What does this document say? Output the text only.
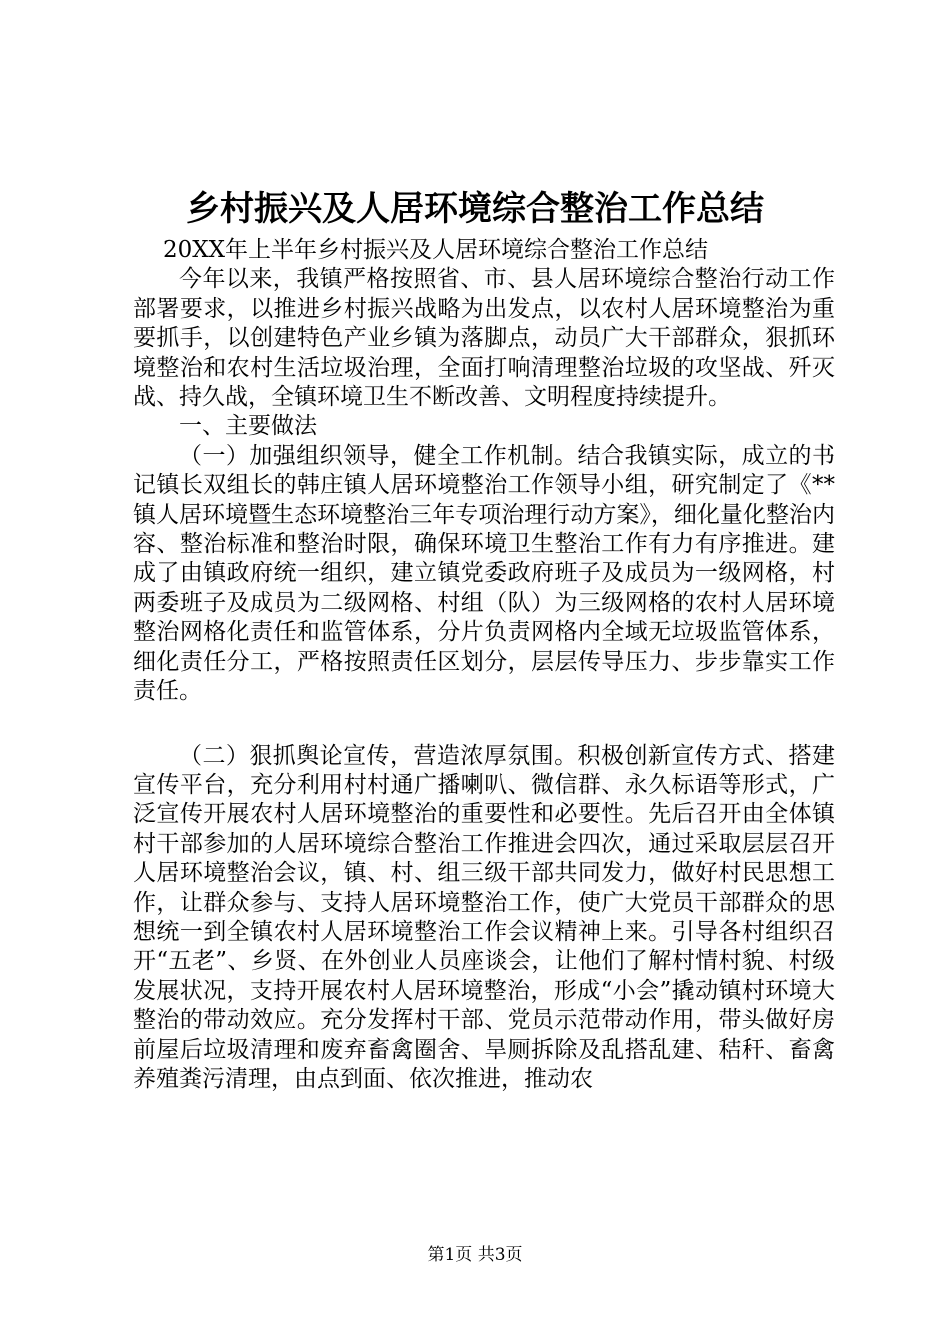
乡村振兴及人居环境综合整治工作总结

20XX年上半年乡村振兴及人居环境综合整治工作总结

今年以来，我镇严格按照省、市、县人居环境综合整治行动工作部署要求，以推进乡村振兴战略为出发点，以农村人居环境整治为重要抓手，以创建特色产业乡镇为落脚点，动员广大干部群众，狠抓环境整治和农村生活垃圾治理，全面打响清理整治垃圾的攻坚战、歼灭战、持久战，全镇环境卫生不断改善、文明程度持续提升。

一、主要做法

（一）加强组织领导，健全工作机制。结合我镇实际，成立的书记镇长双组长的韩庄镇人居环境整治工作领导小组，研究制定了《**镇人居环境暨生态环境整治三年专项治理行动方案》，细化量化整治内容、整治标准和整治时限，确保环境卫生整治工作有力有序推进。建成了由镇政府统一组织，建立镇党委政府班子及成员为一级网格，村两委班子及成员为二级网格、村组（队）为三级网格的农村人居环境整治网格化责任和监管体系，分片负责网格内全域无垃圾监管体系，细化责任分工，严格按照责任区划分，层层传导压力、步步靠实工作责任。

（二）狠抓舆论宣传，营造浓厚氛围。积极创新宣传方式、搭建宣传平台，充分利用村村通广播喇叭、微信群、永久标语等形式，广泛宣传开展农村人居环境整治的重要性和必要性。先后召开由全体镇村干部参加的人居环境综合整治工作推进会四次，通过采取层层召开人居环境整治会议，镇、村、组三级干部共同发力，做好村民思想工作，让群众参与、支持人居环境整治工作，使广大党员干部群众的思想统一到全镇农村人居环境整治工作会议精神上来。引导各村组织召开“五老”、乡贤、在外创业人员座谈会，让他们了解村情村貌、村级发展状况，支持开展农村人居环境整治，形成“小会”撬动镇村环境大整治的带动效应。充分发挥村干部、党员示范带动作用，带头做好房前屋后垃圾清理和废弃畜禽圈舍、旱厕拆除及乱搭乱建、秸秆、畜禽养殖粪污清理，由点到面、依次推进，推动农

第1页 共3页
